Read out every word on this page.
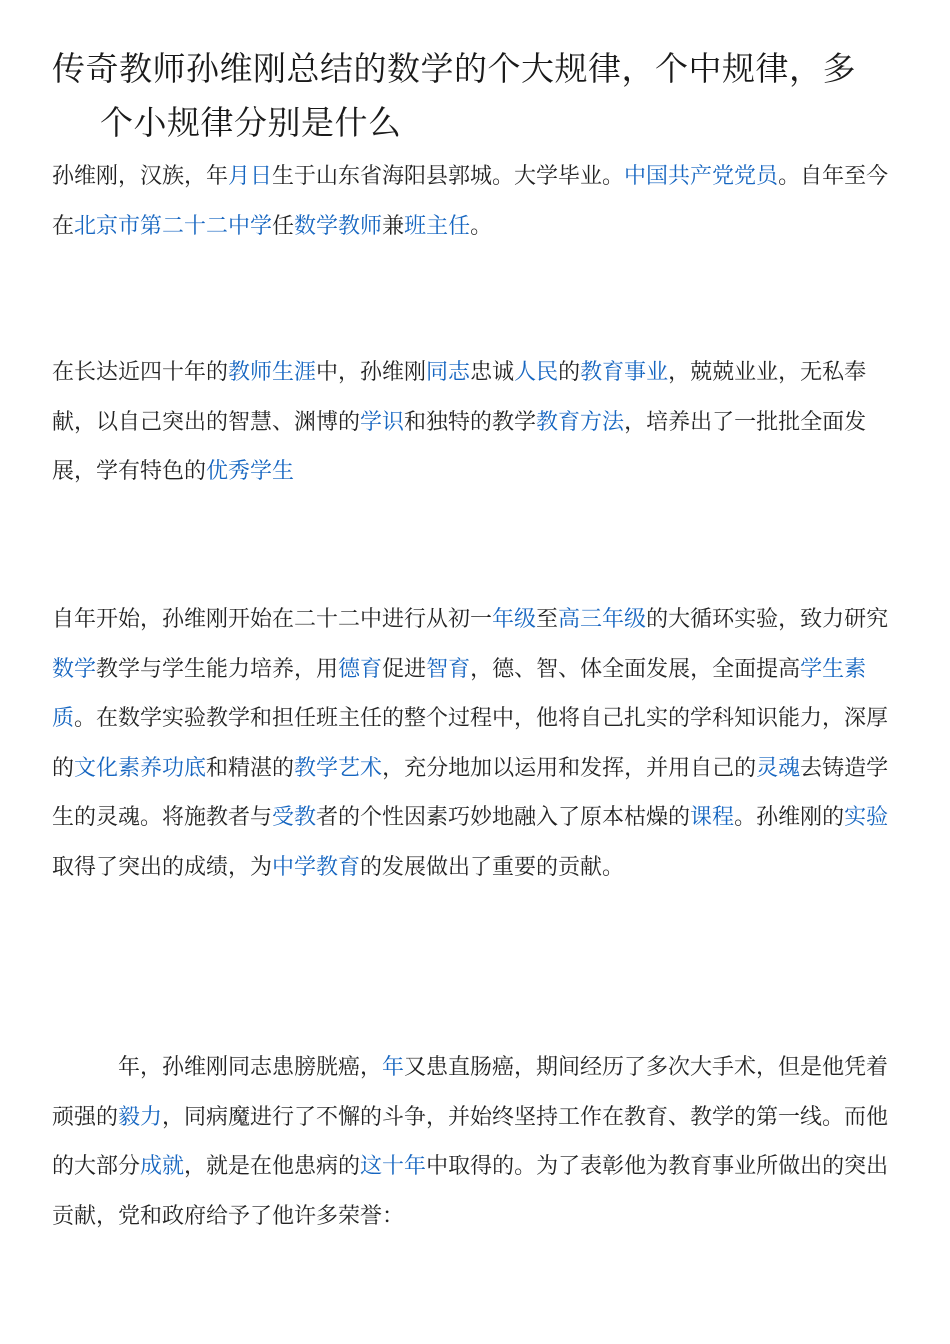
传奇教师孙维刚总结的数学的个大规律，个中规律，多
个小规律分别是什么

孙维刚，汉族，年月日生于山东省海阳县郭城。大学毕业。中国共产党党员。自年至今在北京市第二十二中学任数学教师兼班主任。

在长达近四十年的教师生涯中，孙维刚同志忠诚人民的教育事业，兢兢业业，无私奉献，以自己突出的智慧、渊博的学识和独特的教学教育方法，培养出了一批批全面发展，学有特色的优秀学生

自年开始，孙维刚开始在二十二中进行从初一年级至高三年级的大循环实验，致力研究数学教学与学生能力培养，用德育促进智育，德、智、体全面发展，全面提高学生素质。在数学实验教学和担任班主任的整个过程中，他将自己扎实的学科知识能力，深厚的文化素养功底和精湛的教学艺术，充分地加以运用和发挥，并用自己的灵魂去铸造学生的灵魂。将施教者与受教者的个性因素巧妙地融入了原本枯燥的课程。孙维刚的实验取得了突出的成绩，为中学教育的发展做出了重要的贡献。

年，孙维刚同志患膀胱癌，年又患直肠癌，期间经历了多次大手术，但是他凭着顽强的毅力，同病魔进行了不懈的斗争，并始终坚持工作在教育、教学的第一线。而他的大部分成就，就是在他患病的这十年中取得的。为了表彰他为教育事业所做出的突出贡献，党和政府给予了他许多荣誉：
